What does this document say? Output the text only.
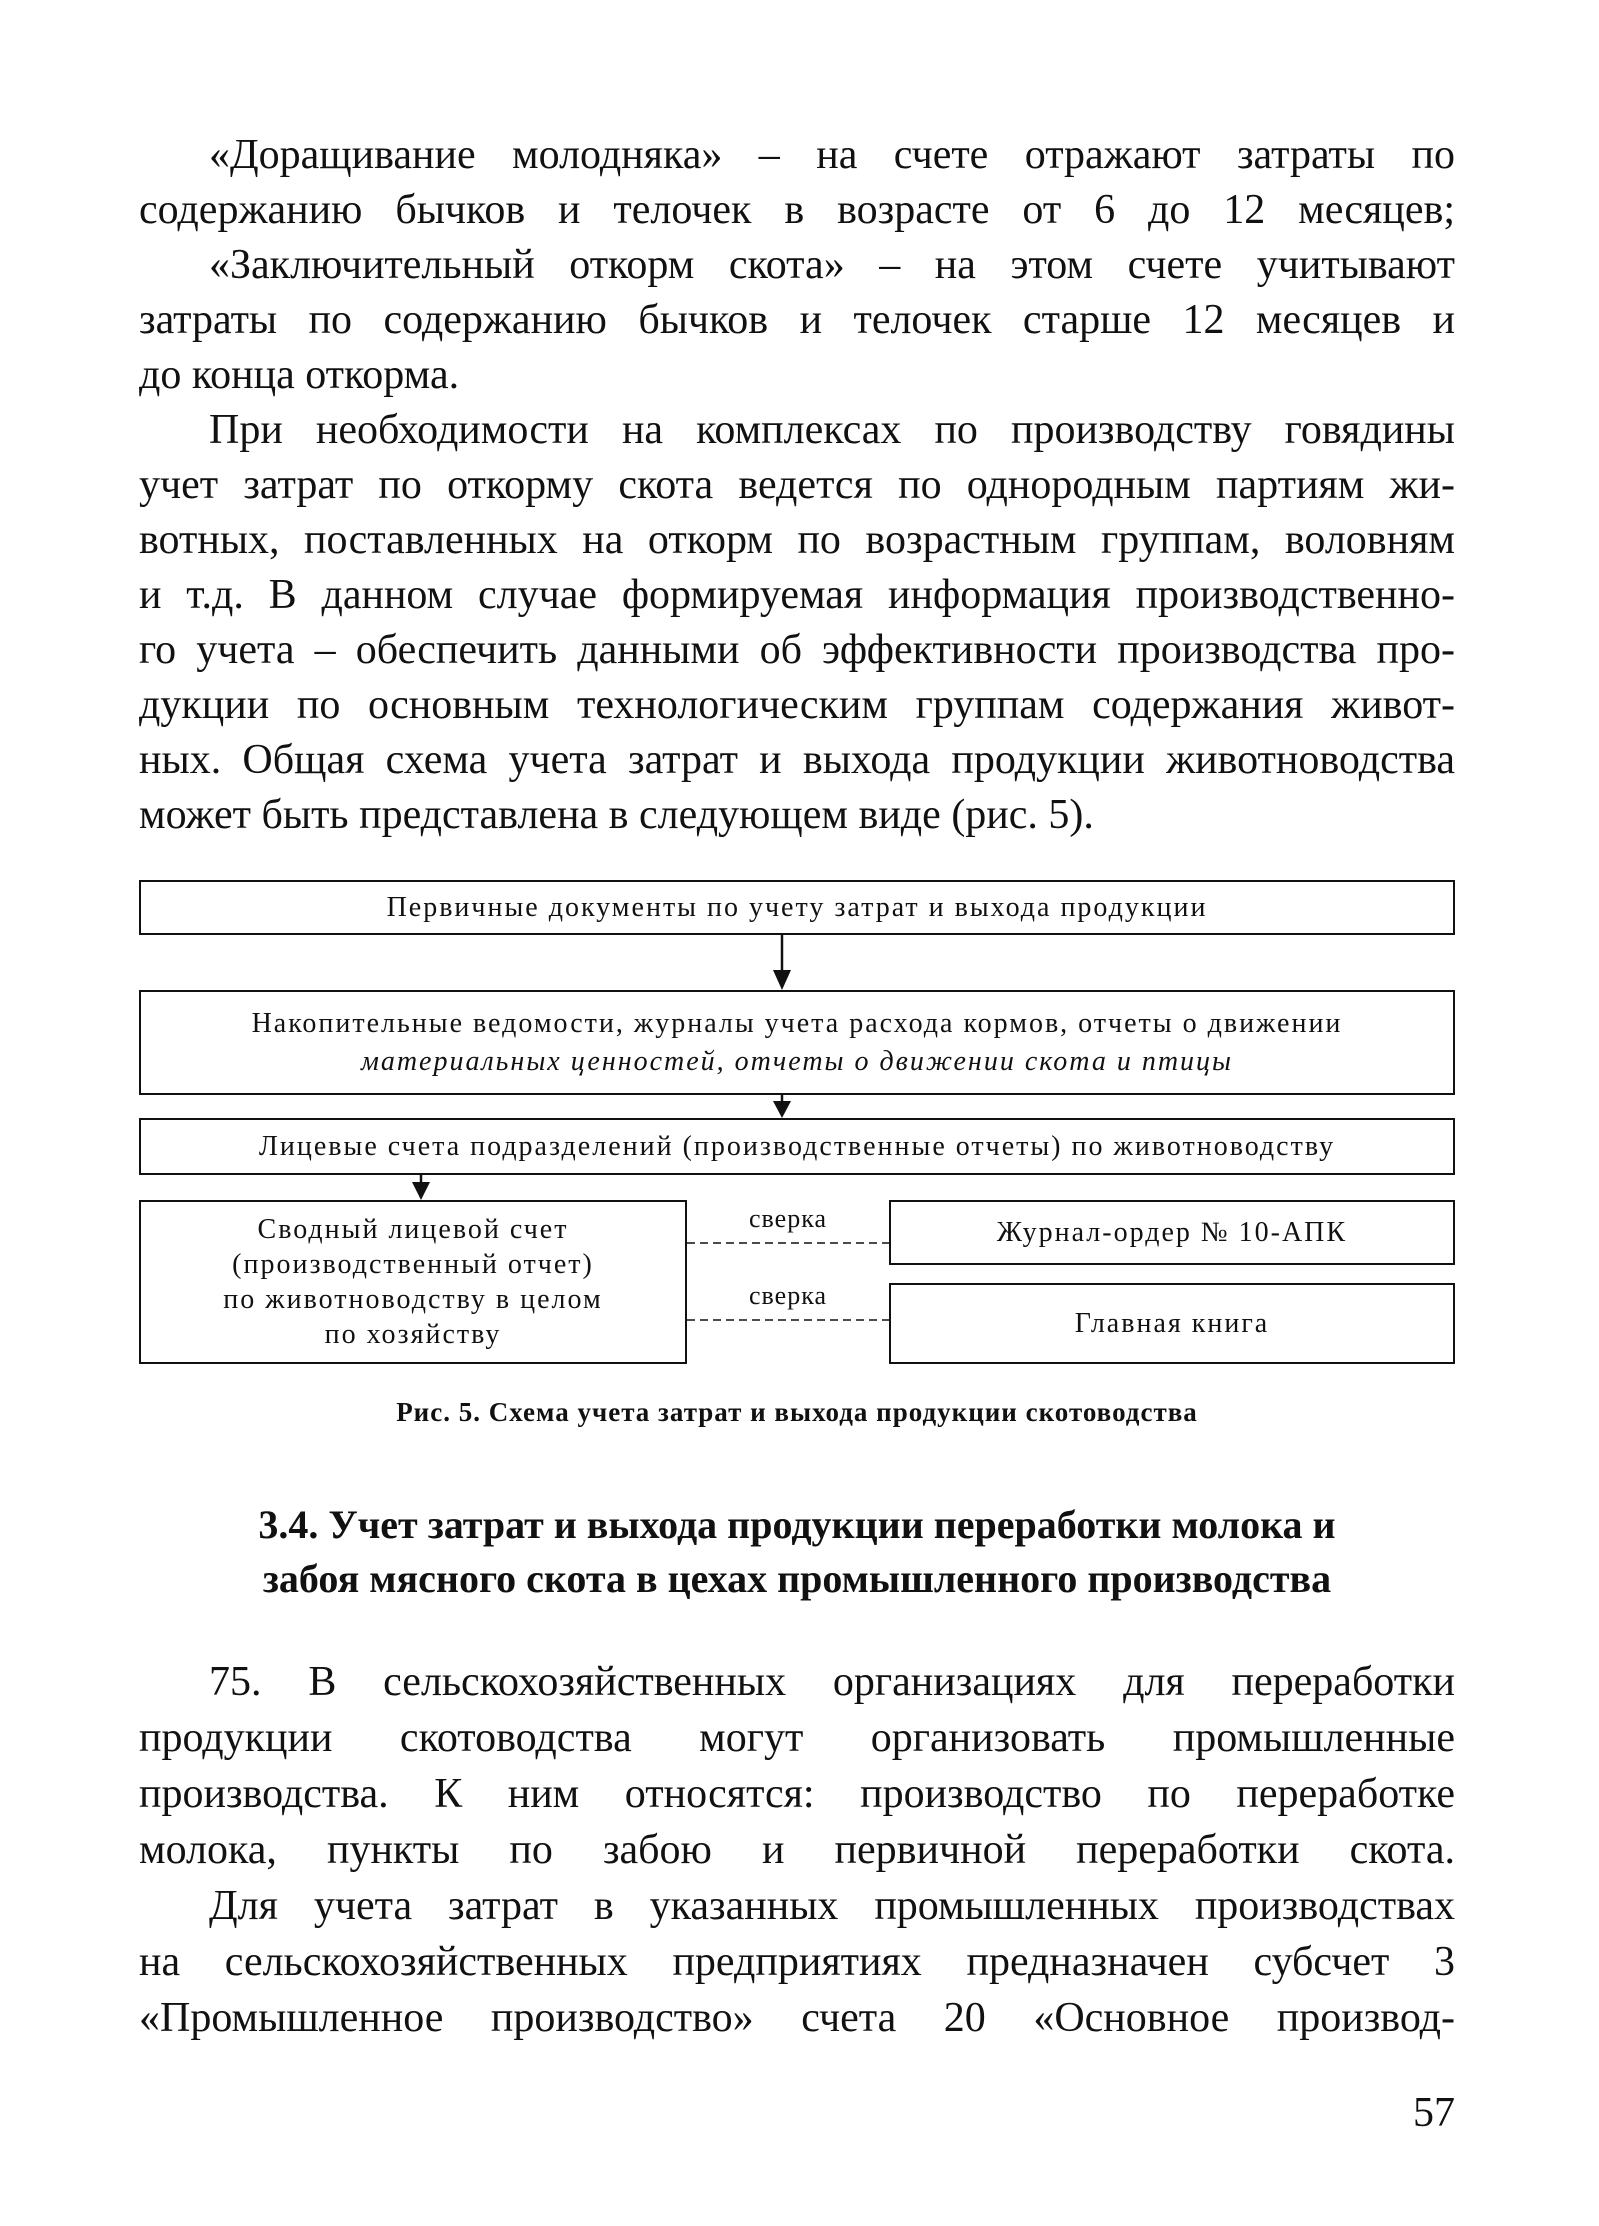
«Доращивание молодняка» – на счете отражают затраты по
содержанию бычков и телочек в возрасте от 6 до 12 месяцев;
«Заключительный откорм скота» – на этом счете учитывают
затраты по содержанию бычков и телочек старше 12 месяцев и
до конца откорма.
При необходимости на комплексах по производству говядины
учет затрат по откорму скота ведется по однородным партиям жи-
вотных, поставленных на откорм по возрастным группам, воловням
и т.д. В данном случае формируемая информация производственно-
го учета – обеспечить данными об эффективности производства про-
дукции по основным технологическим группам содержания живот-
ных. Общая схема учета затрат и выхода продукции животноводства
может быть представлена в следующем виде (рис. 5).
Первичные документы по учету затрат и выхода продукции
Накопительные ведомости, журналы учета расхода кормов, отчеты о движении
материальных ценностей, отчеты о движении скота и птицы
Лицевые счета подразделений (производственные отчеты) по животноводству
Сводный лицевой счет
(производственный отчет)
по животноводству в целом
по хозяйству
Журнал-ордер № 10-АПК
Главная книга
сверка
сверка
Рис. 5. Схема учета затрат и выхода продукции скотоводства
3.4. Учет затрат и выхода продукции переработки молока и
забоя мясного скота в цехах промышленного производства
75. В сельскохозяйственных организациях для переработки
продукции скотоводства могут организовать промышленные
производства. К ним относятся: производство по переработке
молока, пункты по забою и первичной переработки скота.
Для учета затрат в указанных промышленных производствах
на сельскохозяйственных предприятиях предназначен субсчет 3
«Промышленное производство» счета 20 «Основное производ-
57
